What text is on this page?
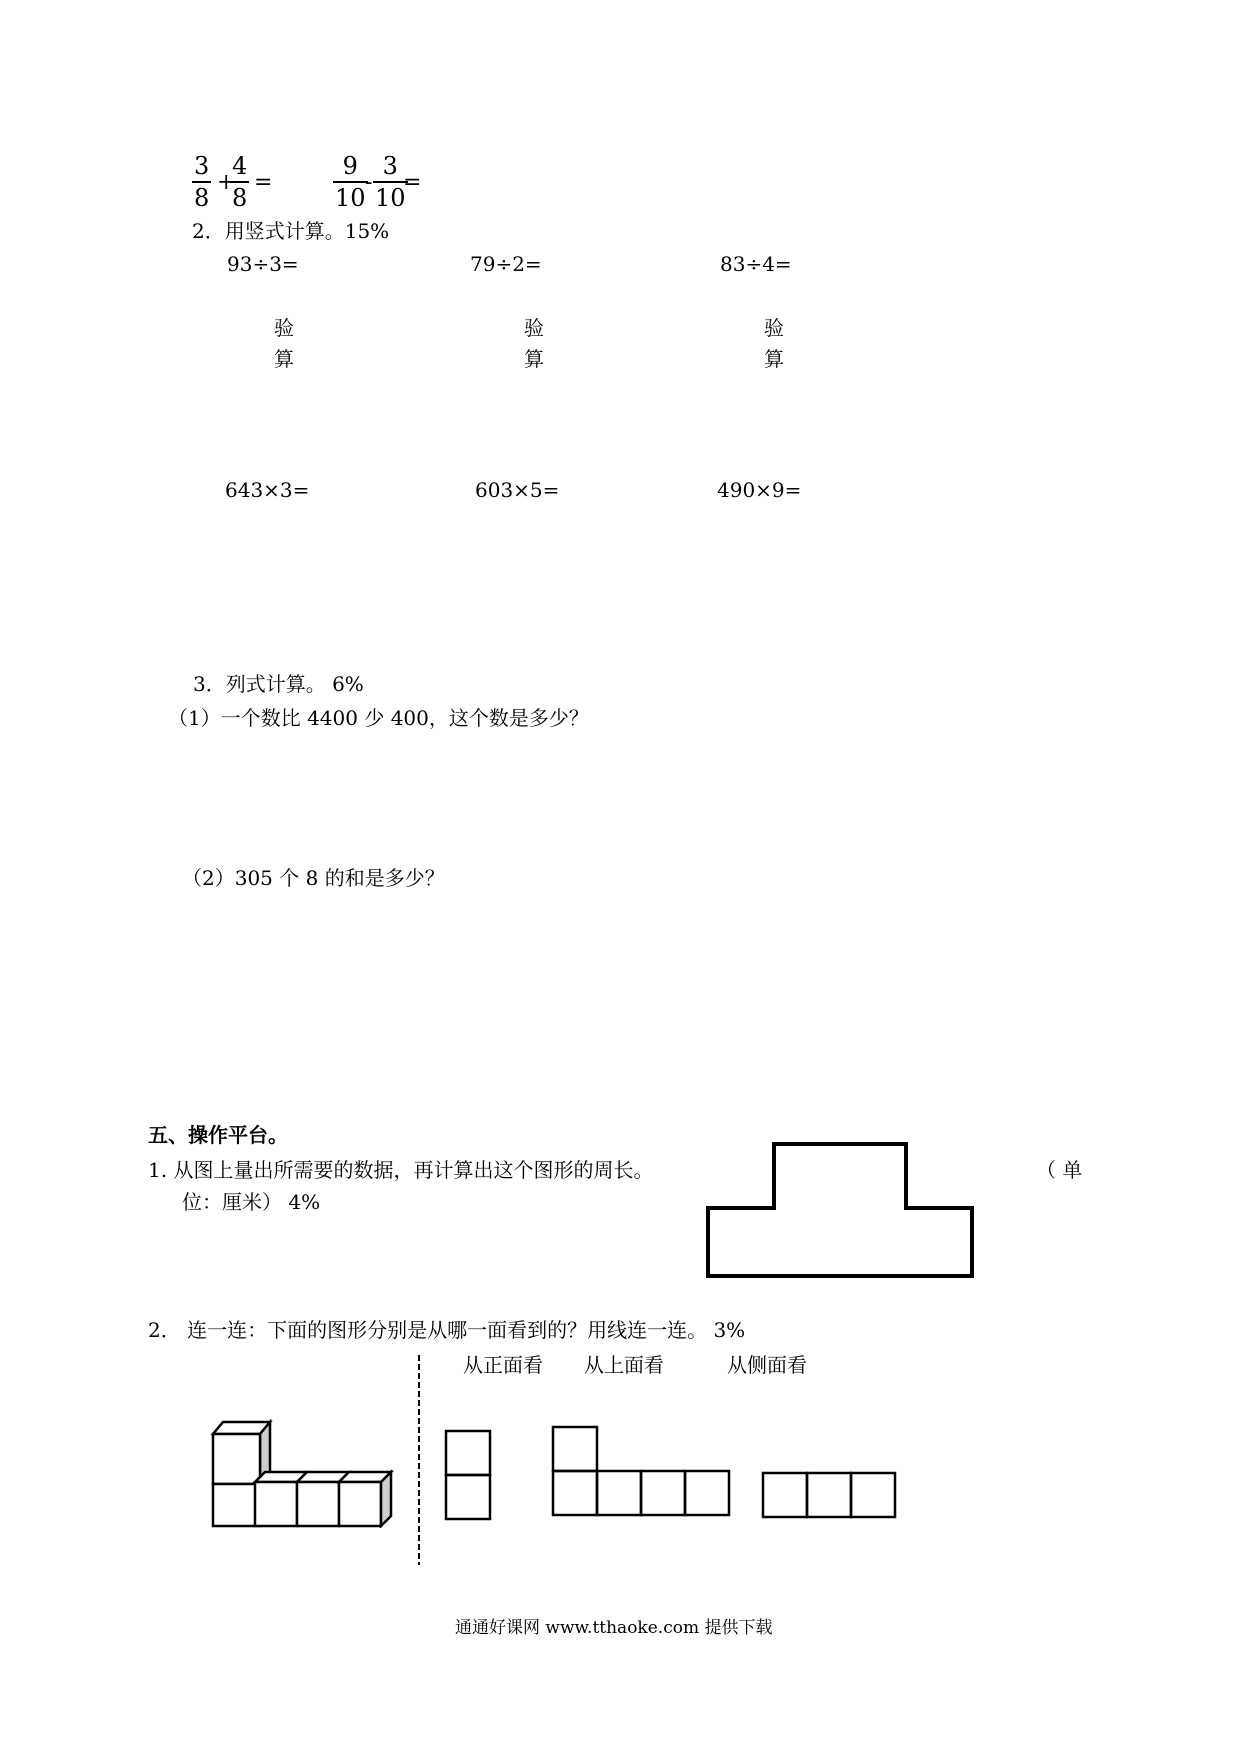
3
8
+
4
8
=
9
10
-
3
10
=
2．用竖式计算。15%
93÷3=	79÷2=	83÷4=
验
算
验
算
验
算
643×3=	603×5=	490×9=
3．列式计算。 6%
（1）一个数比 4400 少 400，这个数是多少？
（2）305 个 8 的和是多少？
五、操作平台。
1. 从图上量出所需要的数据，再计算出这个图形的周长。	（ 单
位：厘米） 4%
2． 连一连：下面的图形分别是从哪一面看到的？用线连一连。 3%
从正面看 从上面看	从侧面看
通通好课网 www.tthaoke.com 提供下载
